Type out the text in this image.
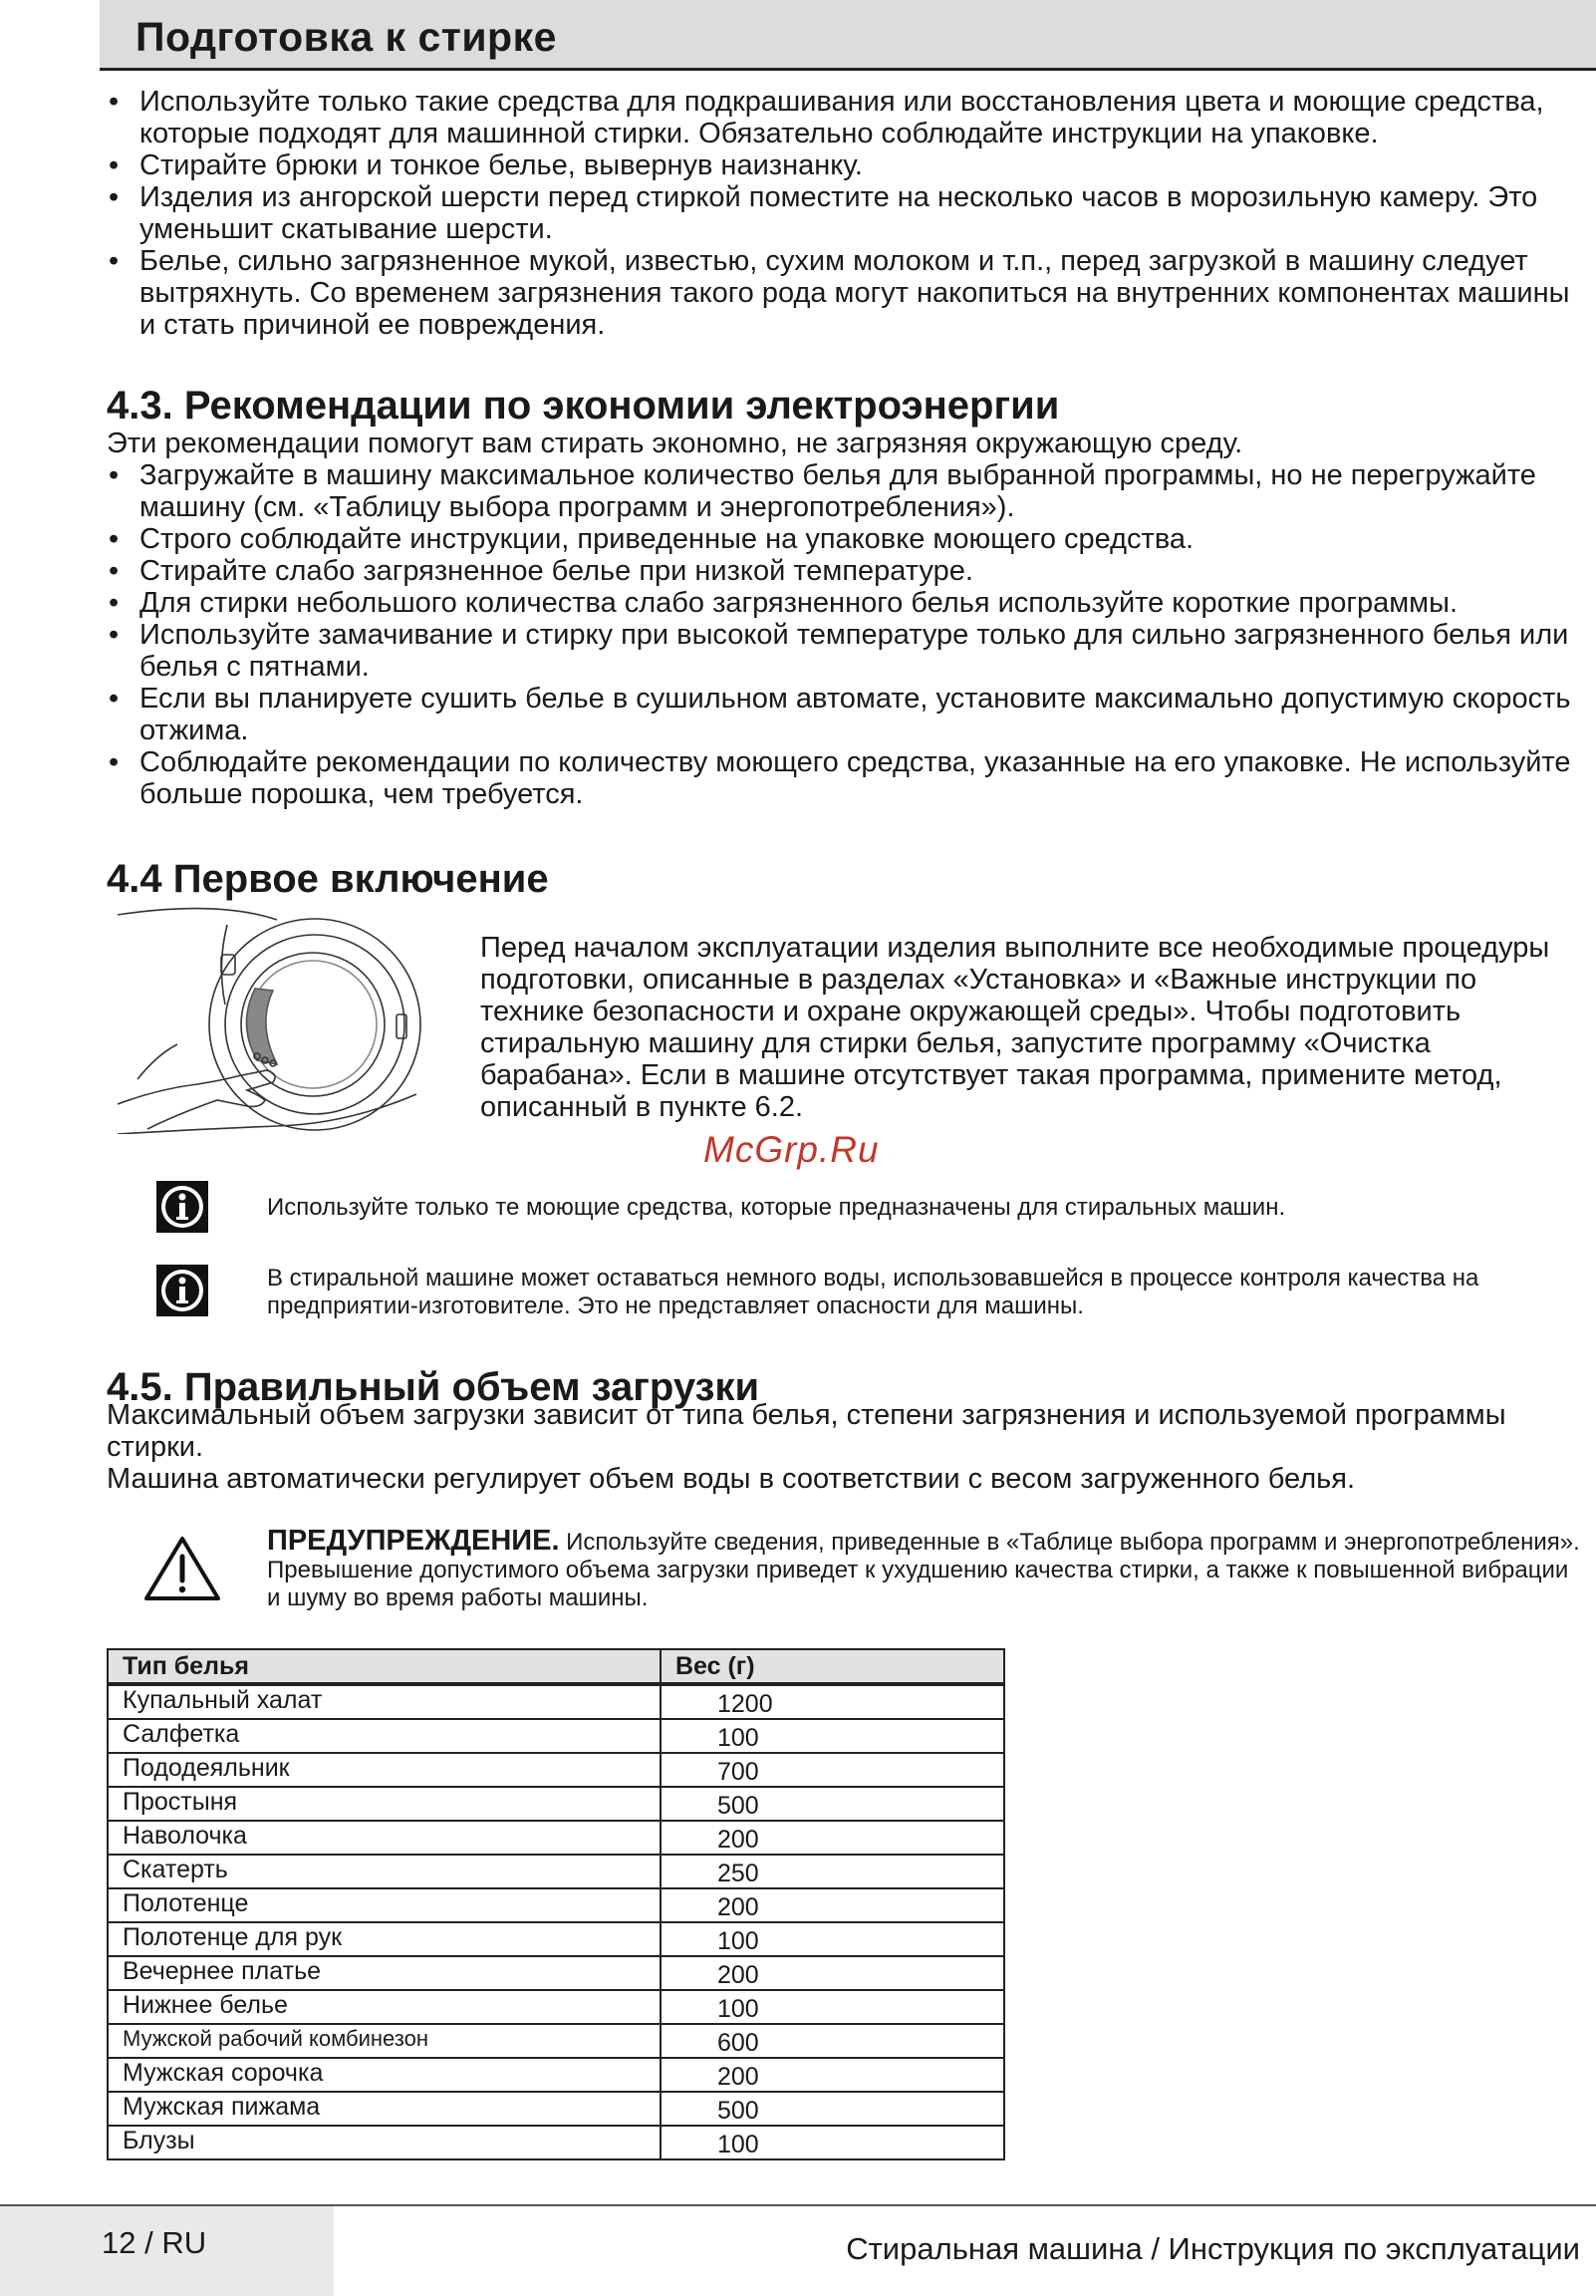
Подготовка к стирке
• Используйте только такие средства для подкрашивания или восстановления цвета и моющие средства, которые подходят для машинной стирки. Обязательно соблюдайте инструкции на упаковке.
• Стирайте брюки и тонкое белье, вывернув наизнанку.
• Изделия из ангорской шерсти перед стиркой поместите на несколько часов в морозильную камеру. Это уменьшит скатывание шерсти.
• Белье, сильно загрязненное мукой, известью, сухим молоком и т.п., перед загрузкой в машину следует вытряхнуть. Со временем загрязнения такого рода могут накопиться на внутренних компонентах машины и стать причиной ее повреждения.
4.3. Рекомендации по экономии электроэнергии

Эти рекомендации помогут вам стирать экономно, не загрязняя окружающую среду.

• Загружайте в машину максимальное количество белья для выбранной программы, но не перегружайте машину (см. «Таблицу выбора программ и энергопотребления»).
• Строго соблюдайте инструкции, приведенные на упаковке моющего средства.
• Стирайте слабо загрязненное белье при низкой температуре.
• Для стирки небольшого количества слабо загрязненного белья используйте короткие программы.
• Используйте замачивание и стирку при высокой температуре только для сильно загрязненного белья или белья с пятнами.
• Если вы планируете сушить белье в сушильном автомате, установите максимально допустимую скорость отжима.
• Соблюдайте рекомендации по количеству моющего средства, указанные на его упаковке. Не используйте больше порошка, чем требуется.
4.4 Первое включение
Перед началом эксплуатации изделия выполните все необходимые процедуры подготовки, описанные в разделах «Установка» и «Важные инструкции по технике безопасности и охране окружающей среды». Чтобы подготовить стиральную машину для стирки белья, запустите программу «Очистка барабана». Если в машине отсутствует такая программа, примените метод, описанный в пункте 6.2.
McGrp.Ru
Используйте только те моющие средства, которые предназначены для стиральных машин.
В стиральной машине может оставаться немного воды, использовавшейся в процессе контроля качества на предприятии-изготовителе. Это не представляет опасности для машины.
4.5. Правильный объем загрузки

Максимальный объем загрузки зависит от типа белья, степени загрязнения и используемой программы стирки.

Машина автоматически регулирует объем воды в соответствии с весом загруженного белья.

ПРЕДУПРЕЖДЕНИЕ. Используйте сведения, приведенные в «Таблице выбора программ и энергопотребления». Превышение допустимого объема загрузки приведет к ухудшению качества стирки, а также к повышенной вибрации и шуму во время работы машины.
Тип белья	Вес (г)
Купальный халат	1200
Салфетка	100
Пододеяльник	700
Простыня	500
Наволочка	200
Скатерть	250
Полотенце	200
Полотенце для рук	100
Вечернее платье	200
Нижнее белье	100
Мужской рабочий комбинезон	600
Мужская сорочка	200
Мужская пижама	500
Блузы	100
12 / RU	Стиральная машина / Инструкция по эксплуатации
